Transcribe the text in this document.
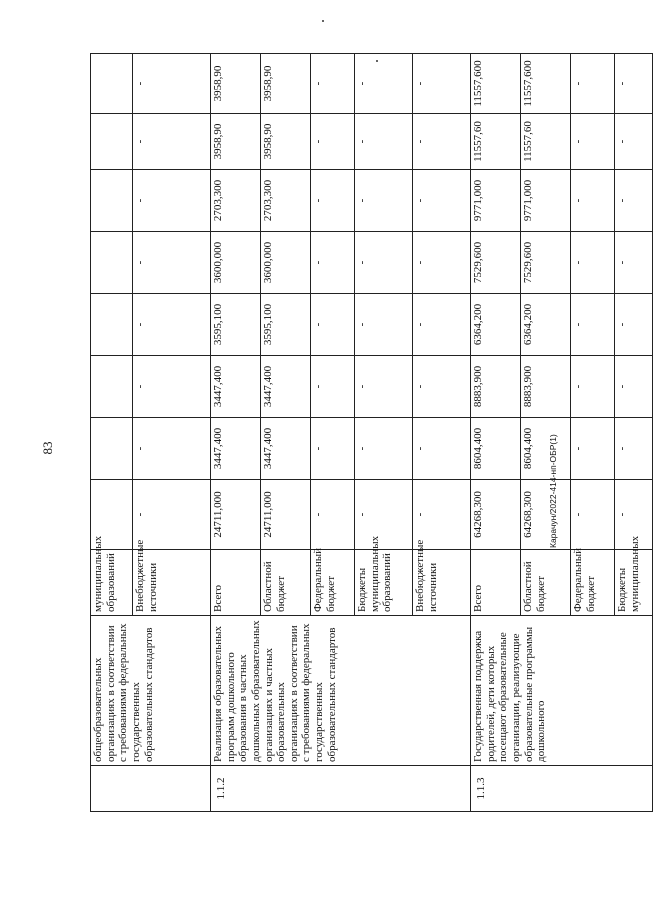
83	Карачун/2022-414-нп-ОБР(1)
	общеобразовательных организациях в соответствии с требованиями федеральных государственных образовательных стандартов	муниципальных образований								
		Внебюджетные источники	-	-	-	-	-	-	-	-
1.1.2	Реализация образовательных программ дошкольного образования в частных дошкольных образовательных организациях и частных образовательных организациях в соответствии с требованиями федеральных государственных образовательных стандартов	Всего	24711,000	3447,400	3447,400	3595,100	3600,000	2703,300	3958,90	3958,90
		Областной бюджет	24711,000	3447,400	3447,400	3595,100	3600,000	2703,300	3958,90	3958,90
		Федеральный бюджет	-	-	-	-	-	-	-	-
		Бюджеты муниципальных образований	-	-	-	-	-	-	-	-
		Внебюджетные источники	-	-	-	-	-	-	-	-
1.1.3	Государственная поддержка родителей, дети которых посещают образовательные организации, реализующие образовательные программы дошкольного	Всего	64268,300	8604,400	8883,900	6364,200	7529,600	9771,000	11557,60	11557,600
		Областной бюджет	64268,300	8604,400	8883,900	6364,200	7529,600	9771,000	11557,60	11557,600
		Федеральный бюджет	-	-	-	-	-	-	-	-
		Бюджеты муниципальных	-	-	-	-	-	-	-	-
